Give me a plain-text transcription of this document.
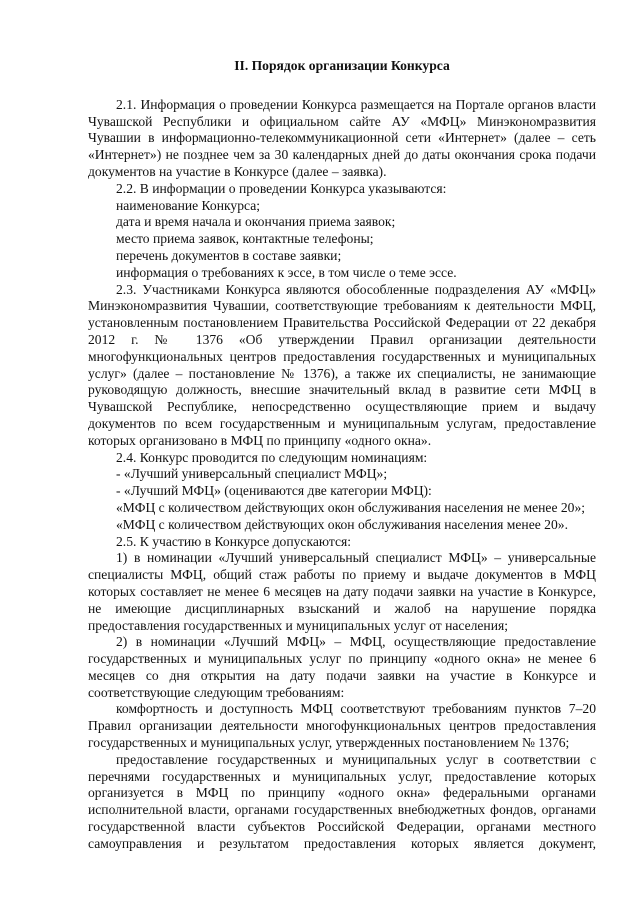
II. Порядок организации Конкурса

2.1. Информация о проведении Конкурса размещается на Портале органов власти Чувашской Республики и официальном сайте АУ «МФЦ» Минэкономразвития Чувашии в информационно-телекоммуникационной сети «Интернет» (далее – сеть «Интернет») не позднее чем за 30 календарных дней до даты окончания срока подачи документов на участие в Конкурсе (далее – заявка).

2.2. В информации о проведении Конкурса указываются:

наименование Конкурса;

дата и время начала и окончания приема заявок;

место приема заявок, контактные телефоны;

перечень документов в составе заявки;

информация о требованиях к эссе, в том числе о теме эссе.

2.3. Участниками Конкурса являются обособленные подразделения АУ «МФЦ» Минэкономразвития Чувашии, соответствующие требованиям к деятельности МФЦ, установленным постановлением Правительства Российской Федерации от 22 декабря 2012 г. № 1376 «Об утверждении Правил организации деятельности многофункциональных центров предоставления государственных и муниципальных услуг» (далее – постановление № 1376), а также их специалисты, не занимающие руководящую должность, внесшие значительный вклад в развитие сети МФЦ в Чувашской Республике, непосредственно осуществляющие прием и выдачу документов по всем государственным и муниципальным услугам, предоставление которых организовано в МФЦ по принципу «одного окна».

2.4. Конкурс проводится по следующим номинациям:

- «Лучший универсальный специалист МФЦ»;

- «Лучший МФЦ» (оцениваются две категории МФЦ):

«МФЦ с количеством действующих окон обслуживания населения не менее 20»;

«МФЦ с количеством действующих окон обслуживания населения менее 20».

2.5. К участию в Конкурсе допускаются:

1) в номинации «Лучший универсальный специалист МФЦ» – универсальные специалисты МФЦ, общий стаж работы по приему и выдаче документов в МФЦ которых составляет не менее 6 месяцев на дату подачи заявки на участие в Конкурсе, не имеющие дисциплинарных взысканий и жалоб на нарушение порядка предоставления государственных и муниципальных услуг от населения;

2) в номинации «Лучший МФЦ» – МФЦ, осуществляющие предоставление государственных и муниципальных услуг по принципу «одного окна» не менее 6 месяцев со дня открытия на дату подачи заявки на участие в Конкурсе и соответствующие следующим требованиям:

комфортность и доступность МФЦ соответствуют требованиям пунктов 7–20 Правил организации деятельности многофункциональных центров предоставления государственных и муниципальных услуг, утвержденных постановлением № 1376;

предоставление государственных и муниципальных услуг в соответствии с перечнями государственных и муниципальных услуг, предоставление которых организуется в МФЦ по принципу «одного окна» федеральными органами исполнительной власти, органами государственных внебюджетных фондов, органами государственной власти субъектов Российской Федерации, органами местного самоуправления и результатом предоставления которых является документ,
